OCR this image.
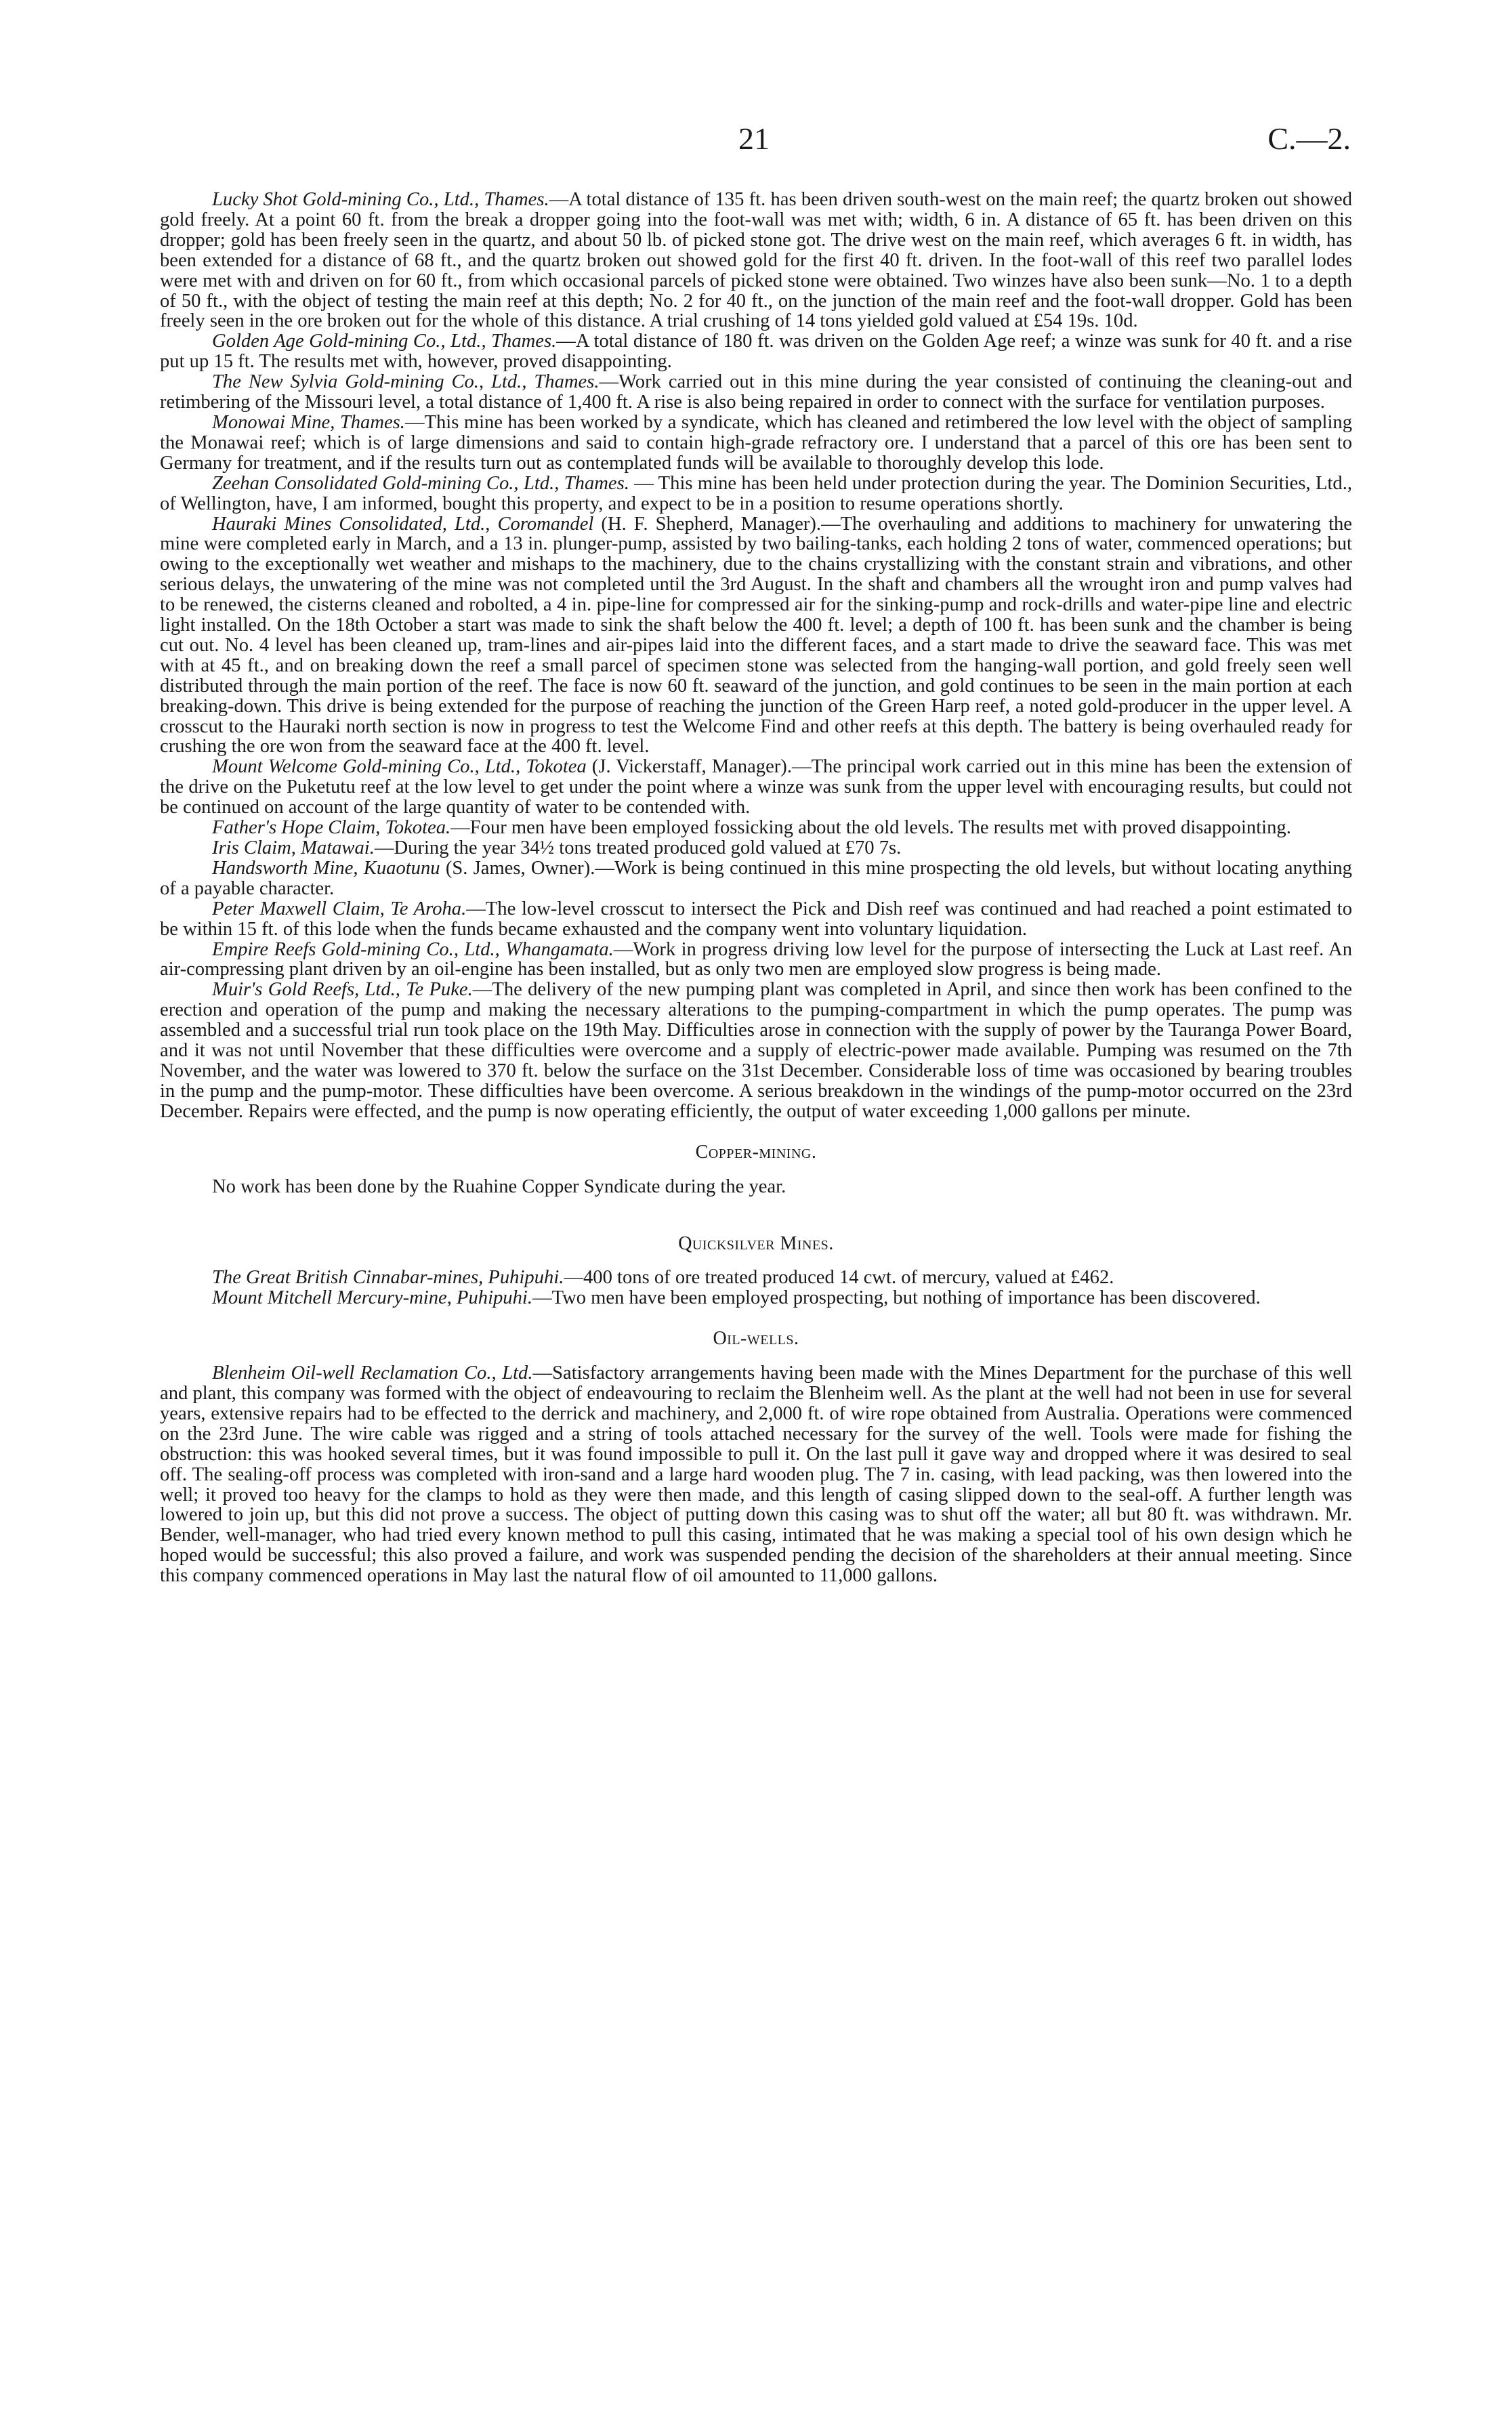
21	C.—2.

Lucky Shot Gold-mining Co., Ltd., Thames.—A total distance of 135 ft. has been driven south-west on the main reef; the quartz broken out showed gold freely. At a point 60 ft. from the break a dropper going into the foot-wall was met with; width, 6 in. A distance of 65 ft. has been driven on this dropper; gold has been freely seen in the quartz, and about 50 lb. of picked stone got. The drive west on the main reef, which averages 6 ft. in width, has been extended for a distance of 68 ft., and the quartz broken out showed gold for the first 40 ft. driven. In the foot-wall of this reef two parallel lodes were met with and driven on for 60 ft., from which occasional parcels of picked stone were obtained. Two winzes have also been sunk—No. 1 to a depth of 50 ft., with the object of testing the main reef at this depth; No. 2 for 40 ft., on the junction of the main reef and the foot-wall dropper. Gold has been freely seen in the ore broken out for the whole of this distance. A trial crushing of 14 tons yielded gold valued at £54 19s. 10d.

Golden Age Gold-mining Co., Ltd., Thames.—A total distance of 180 ft. was driven on the Golden Age reef; a winze was sunk for 40 ft. and a rise put up 15 ft. The results met with, however, proved disappointing.

The New Sylvia Gold-mining Co., Ltd., Thames.—Work carried out in this mine during the year consisted of continuing the cleaning-out and retimbering of the Missouri level, a total distance of 1,400 ft. A rise is also being repaired in order to connect with the surface for ventilation purposes.

Monowai Mine, Thames.—This mine has been worked by a syndicate, which has cleaned and retimbered the low level with the object of sampling the Monawai reef; which is of large dimensions and said to contain high-grade refractory ore. I understand that a parcel of this ore has been sent to Germany for treatment, and if the results turn out as contemplated funds will be available to thoroughly develop this lode.

Zeehan Consolidated Gold-mining Co., Ltd., Thames. — This mine has been held under protection during the year. The Dominion Securities, Ltd., of Wellington, have, I am informed, bought this property, and expect to be in a position to resume operations shortly.

Hauraki Mines Consolidated, Ltd., Coromandel (H. F. Shepherd, Manager).—The overhauling and additions to machinery for unwatering the mine were completed early in March, and a 13 in. plunger-pump, assisted by two bailing-tanks, each holding 2 tons of water, commenced operations; but owing to the exceptionally wet weather and mishaps to the machinery, due to the chains crystallizing with the constant strain and vibrations, and other serious delays, the unwatering of the mine was not completed until the 3rd August. In the shaft and chambers all the wrought iron and pump valves had to be renewed, the cisterns cleaned and robolted, a 4 in. pipe-line for compressed air for the sinking-pump and rock-drills and water-pipe line and electric light installed. On the 18th October a start was made to sink the shaft below the 400 ft. level; a depth of 100 ft. has been sunk and the chamber is being cut out. No. 4 level has been cleaned up, tram-lines and air-pipes laid into the different faces, and a start made to drive the seaward face. This was met with at 45 ft., and on breaking down the reef a small parcel of specimen stone was selected from the hanging-wall portion, and gold freely seen well distributed through the main portion of the reef. The face is now 60 ft. seaward of the junction, and gold continues to be seen in the main portion at each breaking-down. This drive is being extended for the purpose of reaching the junction of the Green Harp reef, a noted gold-producer in the upper level. A crosscut to the Hauraki north section is now in progress to test the Welcome Find and other reefs at this depth. The battery is being overhauled ready for crushing the ore won from the seaward face at the 400 ft. level.

Mount Welcome Gold-mining Co., Ltd., Tokotea (J. Vickerstaff, Manager).—The principal work carried out in this mine has been the extension of the drive on the Puketutu reef at the low level to get under the point where a winze was sunk from the upper level with encouraging results, but could not be continued on account of the large quantity of water to be contended with.

Father's Hope Claim, Tokotea.—Four men have been employed fossicking about the old levels. The results met with proved disappointing.

Iris Claim, Matawai.—During the year 34½ tons treated produced gold valued at £70 7s.

Handsworth Mine, Kuaotunu (S. James, Owner).—Work is being continued in this mine prospecting the old levels, but without locating anything of a payable character.

Peter Maxwell Claim, Te Aroha.—The low-level crosscut to intersect the Pick and Dish reef was continued and had reached a point estimated to be within 15 ft. of this lode when the funds became exhausted and the company went into voluntary liquidation.

Empire Reefs Gold-mining Co., Ltd., Whangamata.—Work in progress driving low level for the purpose of intersecting the Luck at Last reef. An air-compressing plant driven by an oil-engine has been installed, but as only two men are employed slow progress is being made.

Muir's Gold Reefs, Ltd., Te Puke.—The delivery of the new pumping plant was completed in April, and since then work has been confined to the erection and operation of the pump and making the necessary alterations to the pumping-compartment in which the pump operates. The pump was assembled and a successful trial run took place on the 19th May. Difficulties arose in connection with the supply of power by the Tauranga Power Board, and it was not until November that these difficulties were overcome and a supply of electric-power made available. Pumping was resumed on the 7th November, and the water was lowered to 370 ft. below the surface on the 31st December. Considerable loss of time was occasioned by bearing troubles in the pump and the pump-motor. These difficulties have been overcome. A serious breakdown in the windings of the pump-motor occurred on the 23rd December. Repairs were effected, and the pump is now operating efficiently, the output of water exceeding 1,000 gallons per minute.

Copper-mining.

No work has been done by the Ruahine Copper Syndicate during the year.

Quicksilver Mines.

The Great British Cinnabar-mines, Puhipuhi.—400 tons of ore treated produced 14 cwt. of mercury, valued at £462.

Mount Mitchell Mercury-mine, Puhipuhi.—Two men have been employed prospecting, but nothing of importance has been discovered.

Oil-wells.

Blenheim Oil-well Reclamation Co., Ltd.—Satisfactory arrangements having been made with the Mines Department for the purchase of this well and plant, this company was formed with the object of endeavouring to reclaim the Blenheim well. As the plant at the well had not been in use for several years, extensive repairs had to be effected to the derrick and machinery, and 2,000 ft. of wire rope obtained from Australia. Operations were commenced on the 23rd June. The wire cable was rigged and a string of tools attached necessary for the survey of the well. Tools were made for fishing the obstruction: this was hooked several times, but it was found impossible to pull it. On the last pull it gave way and dropped where it was desired to seal off. The sealing-off process was completed with iron-sand and a large hard wooden plug. The 7 in. casing, with lead packing, was then lowered into the well; it proved too heavy for the clamps to hold as they were then made, and this length of casing slipped down to the seal-off. A further length was lowered to join up, but this did not prove a success. The object of putting down this casing was to shut off the water; all but 80 ft. was withdrawn. Mr. Bender, well-manager, who had tried every known method to pull this casing, intimated that he was making a special tool of his own design which he hoped would be successful; this also proved a failure, and work was suspended pending the decision of the shareholders at their annual meeting. Since this company commenced operations in May last the natural flow of oil amounted to 11,000 gallons.
